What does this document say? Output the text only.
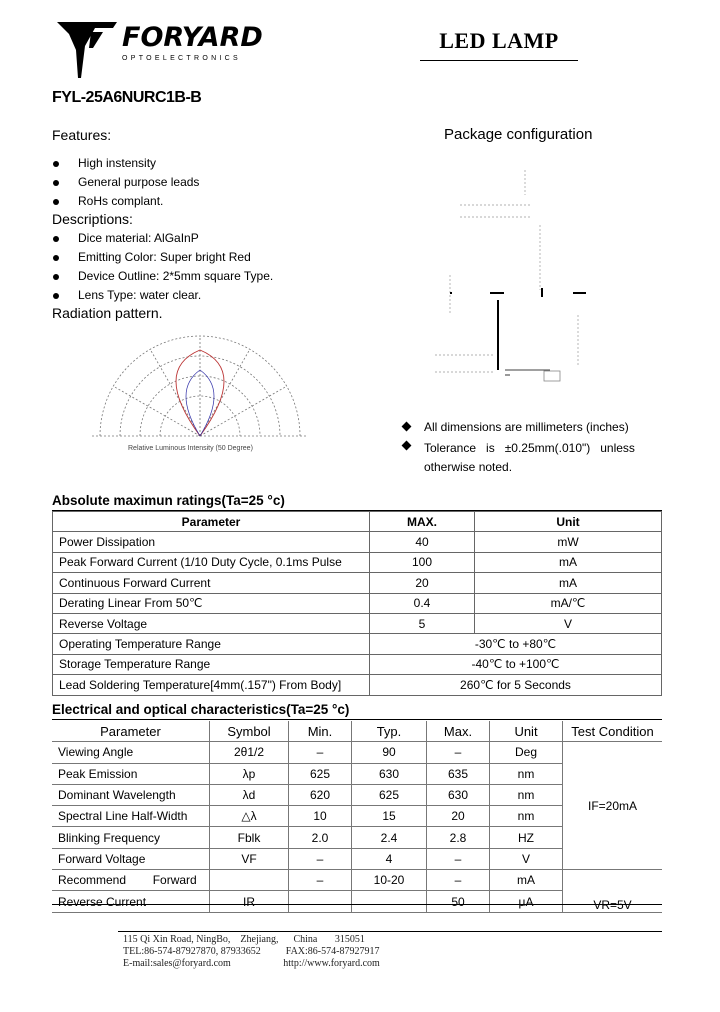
FORYARD
OPTOELECTRONICS
LED LAMP
FYL-25A6NURC1B-B
Features:
High instensity
General purpose leads
RoHs compl​ant.
Descriptions:
Dice material: AlGaInP
Emitting Color: Super bright Red
Device Outline: 2*5mm square Type.
Lens Type: water clear.
Radiation pattern.
Relative Luminous Intensity (50 Degree)
Package configuration
All dimensions are millimeters (inches)
Tolerance   is   ±0.25mm(.010")   unless
otherwise noted.
Absolute maximun ratings(Ta=25 °c)
Parameter	MAX.	Unit
Power Dissipation	40	mW
Peak Forward Current (1/10 Duty Cycle, 0.1ms Pulse	100	mA
Continuous Forward Current	20	mA
Derating Linear From 50℃	0.4	mA/℃
Reverse Voltage	5	V
Operating Temperature Range	-30℃ to +80℃	
Storage Temperature Range	-40℃ to +100℃	
Lead Soldering Temperature[4mm(.157") From Body]	260℃ for 5 Seconds	
Electrical and optical characteristics(Ta=25 °c)
Parameter	Symbol	Min.	Typ.	Max.	Unit	Test Condition
Viewing Angle	2θ1/2	–	90	–	Deg	IF=20mA
Peak Emission	λp	625	630	635	nm	
Dominant Wavelength	λd	620	625	630	nm	
Spectral Line Half-Width	△λ	10	15	20	nm	
Blinking Frequency	Fblk	2.0	2.4	2.8	HZ	
Forward Voltage	VF	–	4	–	V	
Recommend        Forward		–	10-20	–	mA	VR=5V
Reverse Current	IR			50	μA	
115 Qi Xin Road, NingBo,    Zhejiang,      China       315051
TEL:86-574-87927870, 87933652          FAX:86-574-87927917
E-mail:sales@foryard.com                     http://www.foryard.com
